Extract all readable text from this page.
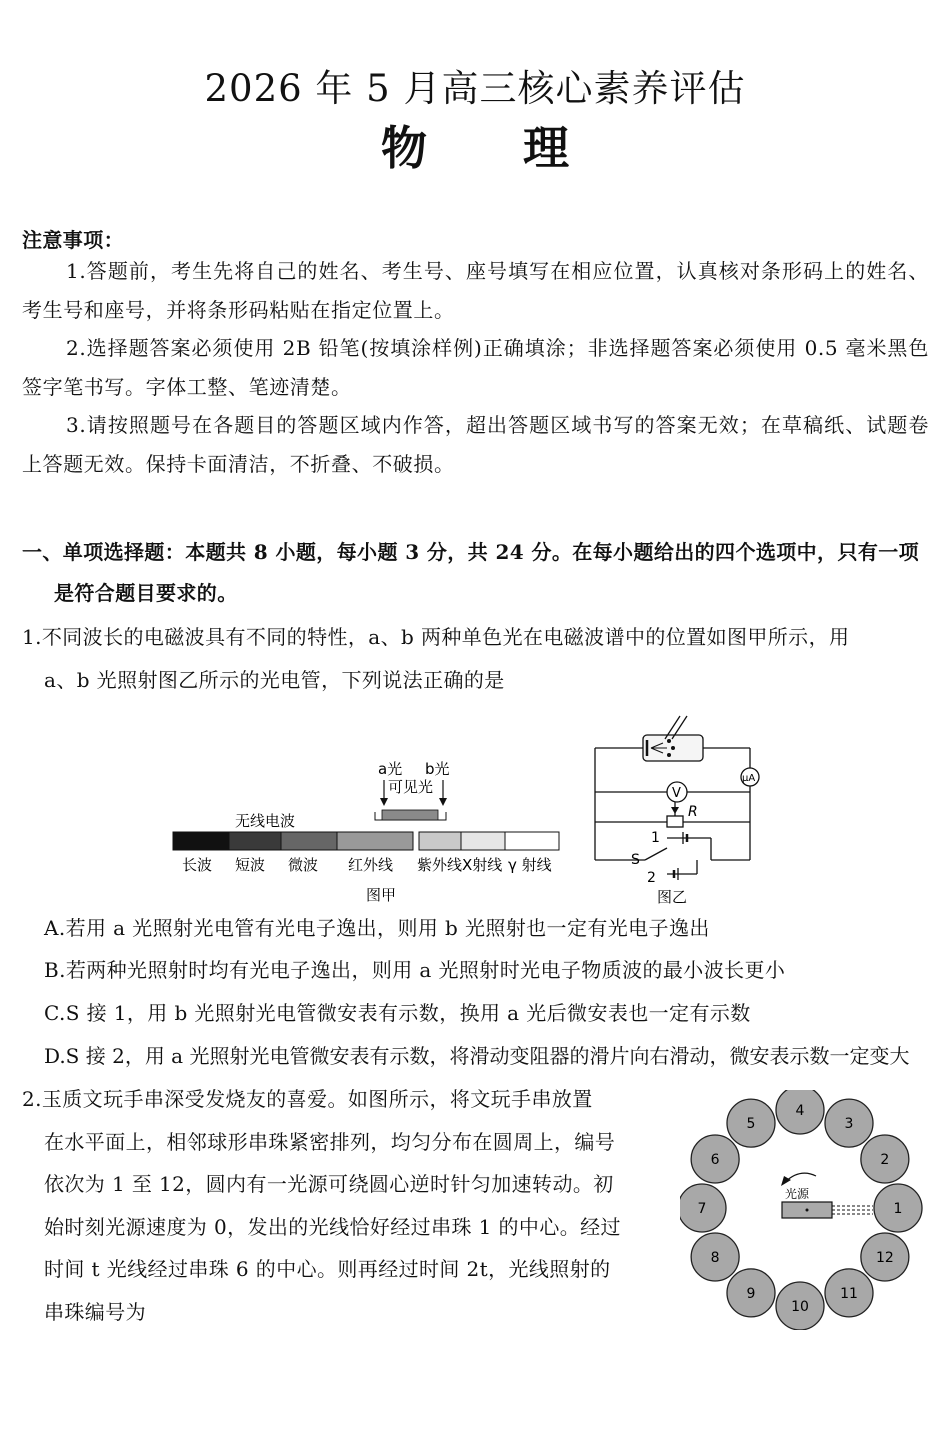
2026 年 5 月高三核心素养评估
物 理
注意事项：
1.答题前，考生先将自己的姓名、考生号、座号填写在相应位置，认真核对条形码上的姓名、考生号和座号，并将条形码粘贴在指定位置上。
2.选择题答案必须使用 2B 铅笔(按填涂样例)正确填涂；非选择题答案必须使用 0.5 毫米黑色签字笔书写。字体工整、笔迹清楚。
3.请按照题号在各题目的答题区域内作答，超出答题区域书写的答案无效；在草稿纸、试题卷上答题无效。保持卡面清洁，不折叠、不破损。
一、单项选择题：本题共 8 小题，每小题 3 分，共 24 分。在每小题给出的四个选项中，只有一项
是符合题目要求的。
1.不同波长的电磁波具有不同的特性，a、b 两种单色光在电磁波谱中的位置如图甲所示，用
a、b 光照射图乙所示的光电管，下列说法正确的是
a光 b光
可见光
无线电波
长波 短波 微波 红外线 紫外线 X射线 γ 射线
图甲
μA
V
R
S
1
2
图乙
A.若用 a 光照射光电管有光电子逸出，则用 b 光照射也一定有光电子逸出
B.若两种光照射时均有光电子逸出，则用 a 光照射时光电子物质波的最小波长更小
C.S 接 1，用 b 光照射光电管微安表有示数，换用 a 光后微安表也一定有示数
D.S 接 2，用 a 光照射光电管微安表有示数，将滑动变阻器的滑片向右滑动，微安表示数一定变大
2.玉质文玩手串深受发烧友的喜爱。如图所示，将文玩手串放置
在水平面上，相邻球形串珠紧密排列，均匀分布在圆周上，编号
依次为 1 至 12，圆内有一光源可绕圆心逆时针匀加速转动。初
始时刻光源速度为 0，发出的光线恰好经过串珠 1 的中心。经过
时间 t 光线经过串珠 6 的中心。则再经过时间 2t，光线照射的
串珠编号为
1
2
3
4
5
6
7
8
9
10
11
12
光源
